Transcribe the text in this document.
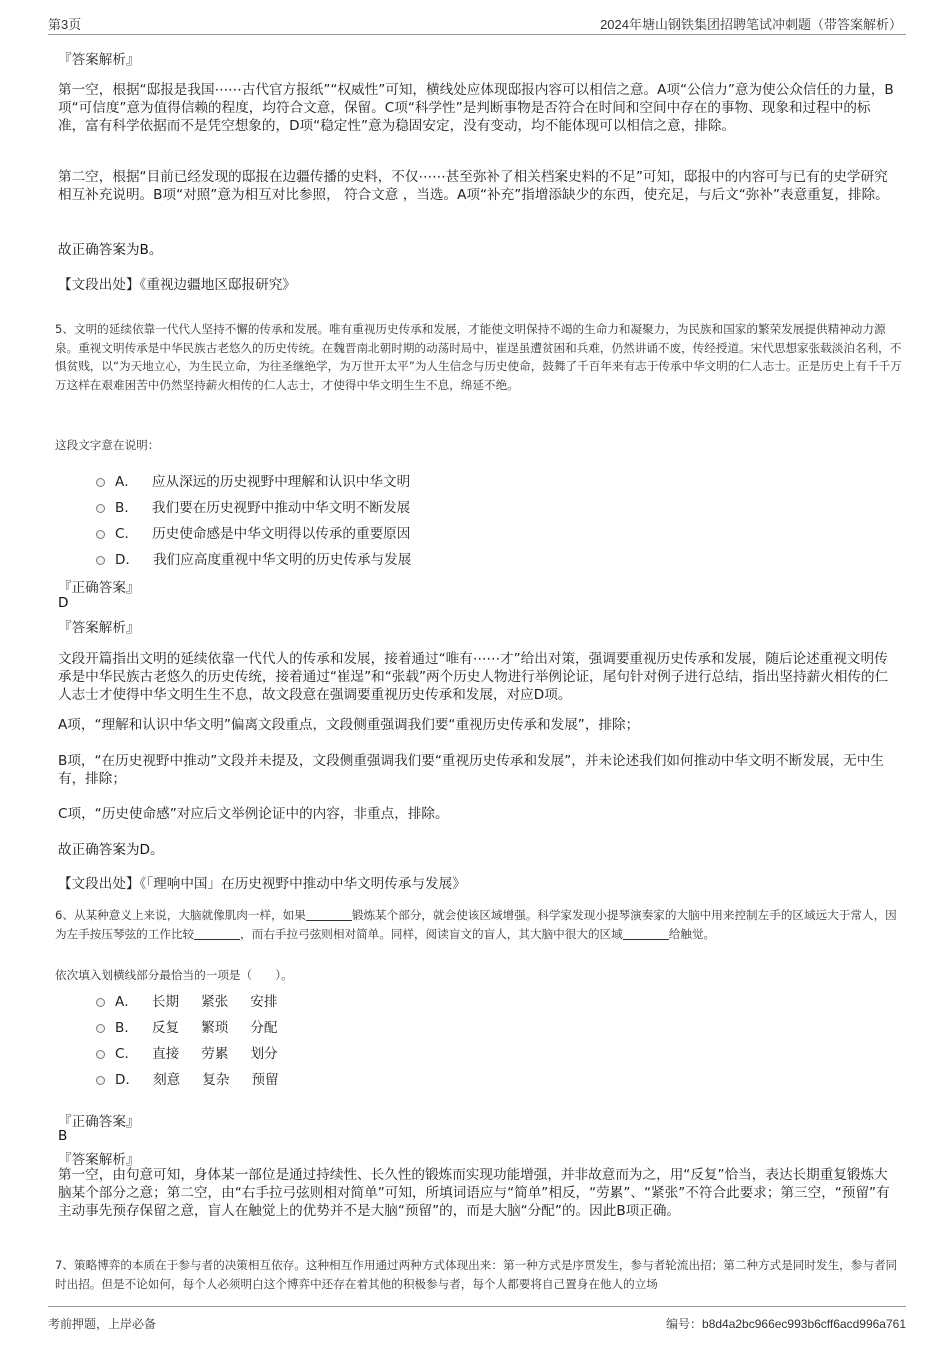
第3页	2024年塘山钢铁集团招聘笔试冲刺题（带答案解析）
『答案解析』

第一空，根据“邸报是我国⋯⋯古代官方报纸”“权威性”可知，横线处应体现邸报内容可以相信之意。A项“公信力”意为使公众信任的力量，B项“可信度”意为值得信赖的程度，均符合文意，保留。C项“科学性”是判断事物是否符合在时间和空间中存在的事物、现象和过程中的标准，富有科学依据而不是凭空想象的，D项“稳定性”意为稳固安定，没有变动，均不能体现可以相信之意，排除。

第二空，根据“目前已经发现的邸报在边疆传播的史料，不仅⋯⋯甚至弥补了相关档案史料的不足”可知，邸报中的内容可与已有的史学研究相互补充说明。B项“对照”意为相互对比参照， 符合文意 ，当选。A项“补充”指增添缺少的东西，使充足，与后文“弥补”表意重复，排除。

故正确答案为B。
【文段出处】《重视边疆地区邸报研究》

5、文明的延续依靠一代代人坚持不懈的传承和发展。唯有重视历史传承和发展，才能使文明保持不竭的生命力和凝聚力，为民族和国家的繁荣发展提供精神动力源泉。重视文明传承是中华民族古老悠久的历史传统。在魏晋南北朝时期的动荡时局中，崔逞虽遭贫困和兵难，仍然讲诵不废，传经授道。宋代思想家张载淡泊名利，不惧贫贱，以“为天地立心，为生民立命，为往圣继绝学，为万世开太平”为人生信念与历史使命，鼓舞了千百年来有志于传承中华文明的仁人志士。正是历史上有千千万万这样在艰难困苦中仍然坚持薪火相传的仁人志士，才使得中华文明生生不息，绵延不绝。

这段文字意在说明：
A． 应从深远的历史视野中理解和认识中华文明
B． 我们要在历史视野中推动中华文明不断发展
C． 历史使命感是中华文明得以传承的重要原因
D． 我们应高度重视中华文明的历史传承与发展
『正确答案』
D
『答案解析』

文段开篇指出文明的延续依靠一代代人的传承和发展，接着通过“唯有⋯⋯才”给出对策，强调要重视历史传承和发展，随后论述重视文明传承是中华民族古老悠久的历史传统，接着通过“崔逞”和“张载”两个历史人物进行举例论证，尾句针对例子进行总结，指出坚持薪火相传的仁人志士才使得中华文明生生不息，故文段意在强调要重视历史传承和发展，对应D项。

A项，“理解和认识中华文明”偏离文段重点，文段侧重强调我们要“重视历史传承和发展”，排除；

B项，“在历史视野中推动”文段并未提及，文段侧重强调我们要“重视历史传承和发展”，并未论述我们如何推动中华文明不断发展，无中生有，排除；

C项，“历史使命感”对应后文举例论证中的内容，非重点，排除。

故正确答案为D。
【文段出处】《「理响中国」在历史视野中推动中华文明传承与发展》

6、从某种意义上来说，大脑就像肌肉一样，如果	锻炼某个部分，就会使该区域增强。科学家发现小提琴演奏家的大脑中用来控制左手的区域远大于常人，因为左手按压琴弦的工作比较	，而右手拉弓弦则相对简单。同样，阅读盲文的盲人，其大脑中很大的区域	给触觉。

依次填入划横线部分最恰当的一项是（　　）。
A． 长期 紧张 安排
B． 反复 繁琐 分配
C． 直接 劳累 划分
D． 刻意 复杂 预留
『正确答案』
B
『答案解析』

第一空，由句意可知，身体某一部位是通过持续性、长久性的锻炼而实现功能增强，并非故意而为之，用“反复”恰当，表达长期重复锻炼大脑某个部分之意；第二空，由“右手拉弓弦则相对简单”可知，所填词语应与“简单”相反，“劳累”、“紧张”不符合此要求；第三空，“预留”有主动事先预存保留之意，盲人在触觉上的优势并不是大脑“预留”的，而是大脑“分配”的。因此B项正确。

7、策略博弈的本质在于参与者的决策相互依存。这种相互作用通过两种方式体现出来：第一种方式是序贯发生，参与者轮流出招；第二种方式是同时发生，参与者同时出招。但是不论如何，每个人必须明白这个博弈中还存在着其他的积极参与者，每个人都要将自己置身在他人的立场

考前押题，上岸必备	编号：b8d4a2bc966ec993b6cff6acd996a761
